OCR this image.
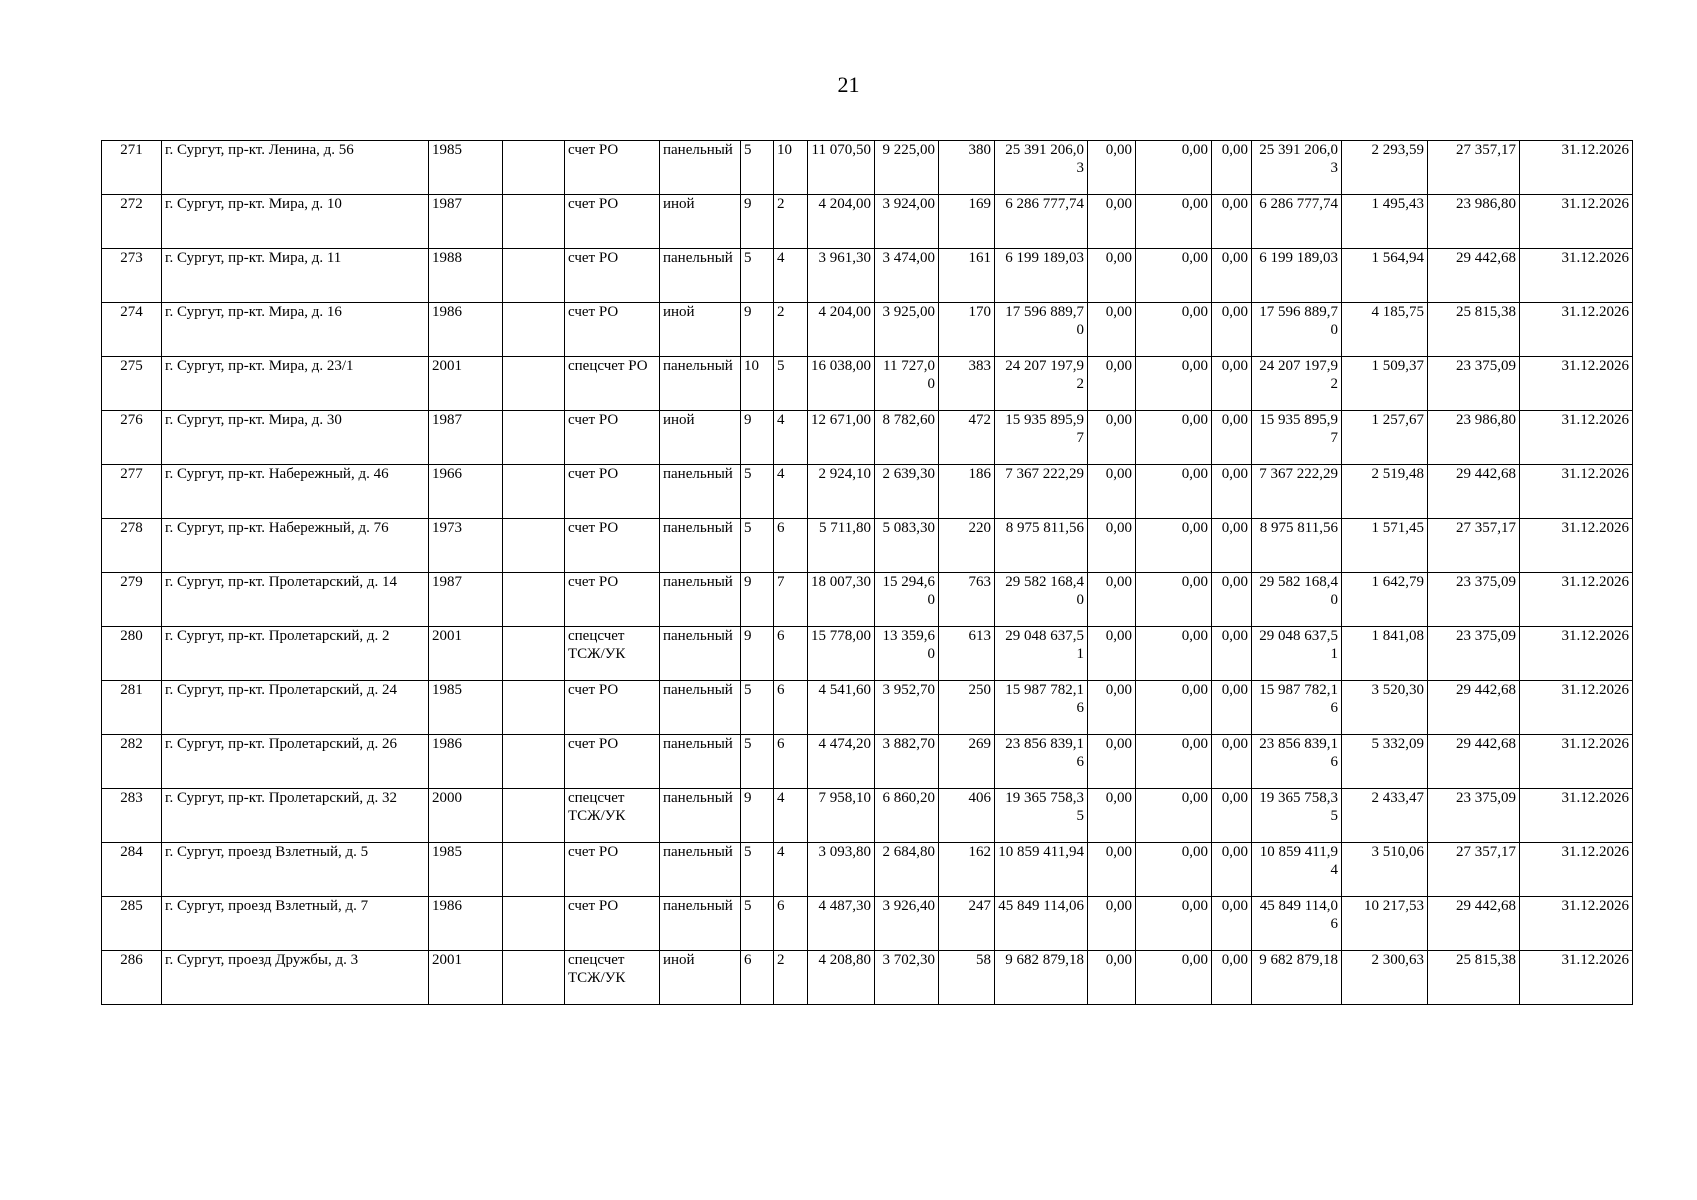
21
271	г. Сургут, пр-кт. Ленина, д. 56	1985		счет РО	панельный	5	10	11 070,50	9 225,00	380	25 391 206,03	0,00	0,00	0,00	25 391 206,03	2 293,59	27 357,17	31.12.2026
272	г. Сургут, пр-кт. Мира, д. 10	1987		счет РО	иной	9	2	4 204,00	3 924,00	169	6 286 777,74	0,00	0,00	0,00	6 286 777,74	1 495,43	23 986,80	31.12.2026
273	г. Сургут, пр-кт. Мира, д. 11	1988		счет РО	панельный	5	4	3 961,30	3 474,00	161	6 199 189,03	0,00	0,00	0,00	6 199 189,03	1 564,94	29 442,68	31.12.2026
274	г. Сургут, пр-кт. Мира, д. 16	1986		счет РО	иной	9	2	4 204,00	3 925,00	170	17 596 889,70	0,00	0,00	0,00	17 596 889,70	4 185,75	25 815,38	31.12.2026
275	г. Сургут, пр-кт. Мира, д. 23/1	2001		спецсчет РО	панельный	10	5	16 038,00	11 727,00	383	24 207 197,92	0,00	0,00	0,00	24 207 197,92	1 509,37	23 375,09	31.12.2026
276	г. Сургут, пр-кт. Мира, д. 30	1987		счет РО	иной	9	4	12 671,00	8 782,60	472	15 935 895,97	0,00	0,00	0,00	15 935 895,97	1 257,67	23 986,80	31.12.2026
277	г. Сургут, пр-кт. Набережный, д. 46	1966		счет РО	панельный	5	4	2 924,10	2 639,30	186	7 367 222,29	0,00	0,00	0,00	7 367 222,29	2 519,48	29 442,68	31.12.2026
278	г. Сургут, пр-кт. Набережный, д. 76	1973		счет РО	панельный	5	6	5 711,80	5 083,30	220	8 975 811,56	0,00	0,00	0,00	8 975 811,56	1 571,45	27 357,17	31.12.2026
279	г. Сургут, пр-кт. Пролетарский, д. 14	1987		счет РО	панельный	9	7	18 007,30	15 294,60	763	29 582 168,40	0,00	0,00	0,00	29 582 168,40	1 642,79	23 375,09	31.12.2026
280	г. Сургут, пр-кт. Пролетарский, д. 2	2001		спецсчет ТСЖ/УК	панельный	9	6	15 778,00	13 359,60	613	29 048 637,51	0,00	0,00	0,00	29 048 637,51	1 841,08	23 375,09	31.12.2026
281	г. Сургут, пр-кт. Пролетарский, д. 24	1985		счет РО	панельный	5	6	4 541,60	3 952,70	250	15 987 782,16	0,00	0,00	0,00	15 987 782,16	3 520,30	29 442,68	31.12.2026
282	г. Сургут, пр-кт. Пролетарский, д. 26	1986		счет РО	панельный	5	6	4 474,20	3 882,70	269	23 856 839,16	0,00	0,00	0,00	23 856 839,16	5 332,09	29 442,68	31.12.2026
283	г. Сургут, пр-кт. Пролетарский, д. 32	2000		спецсчет ТСЖ/УК	панельный	9	4	7 958,10	6 860,20	406	19 365 758,35	0,00	0,00	0,00	19 365 758,35	2 433,47	23 375,09	31.12.2026
284	г. Сургут, проезд Взлетный, д. 5	1985		счет РО	панельный	5	4	3 093,80	2 684,80	162	10 859 411,94	0,00	0,00	0,00	10 859 411,94	3 510,06	27 357,17	31.12.2026
285	г. Сургут, проезд Взлетный, д. 7	1986		счет РО	панельный	5	6	4 487,30	3 926,40	247	45 849 114,06	0,00	0,00	0,00	45 849 114,06	10 217,53	29 442,68	31.12.2026
286	г. Сургут, проезд Дружбы, д. 3	2001		спецсчет ТСЖ/УК	иной	6	2	4 208,80	3 702,30	58	9 682 879,18	0,00	0,00	0,00	9 682 879,18	2 300,63	25 815,38	31.12.2026
